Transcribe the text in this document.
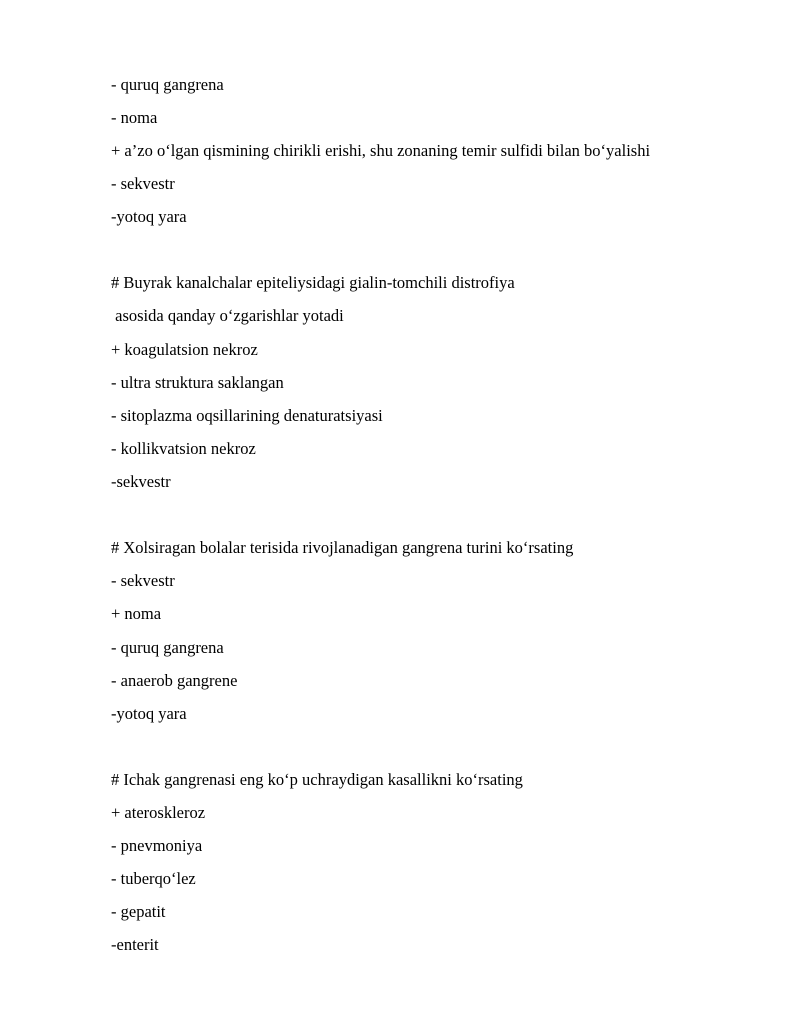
- quruq gangrena
- noma
+ a’zo o‘lgan qismining chirikli erishi, shu zonaning temir sulfidi bilan bo‘yalishi
- sekvestr
-yotoq yara
# Buyrak kanalchalar epiteliysidagi gialin-tomchili distrofiya
asosida qanday o‘zgarishlar yotadi
+ koagulatsion nekroz
- ultra struktura saklangan
- sitoplazma oqsillarining denaturatsiyasi
- kollikvatsion nekroz
-sekvestr
# Xolsiragan bolalar terisida rivojlanadigan gangrena turini ko‘rsating
- sekvestr
+ noma
- quruq gangrena
- anaerob gangrene
-yotoq yara
# Ichak gangrenasi eng ko‘p uchraydigan kasallikni ko‘rsating
+ ateroskleroz
- pnevmoniya
- tuberqo‘lez
- gepatit
-enterit
